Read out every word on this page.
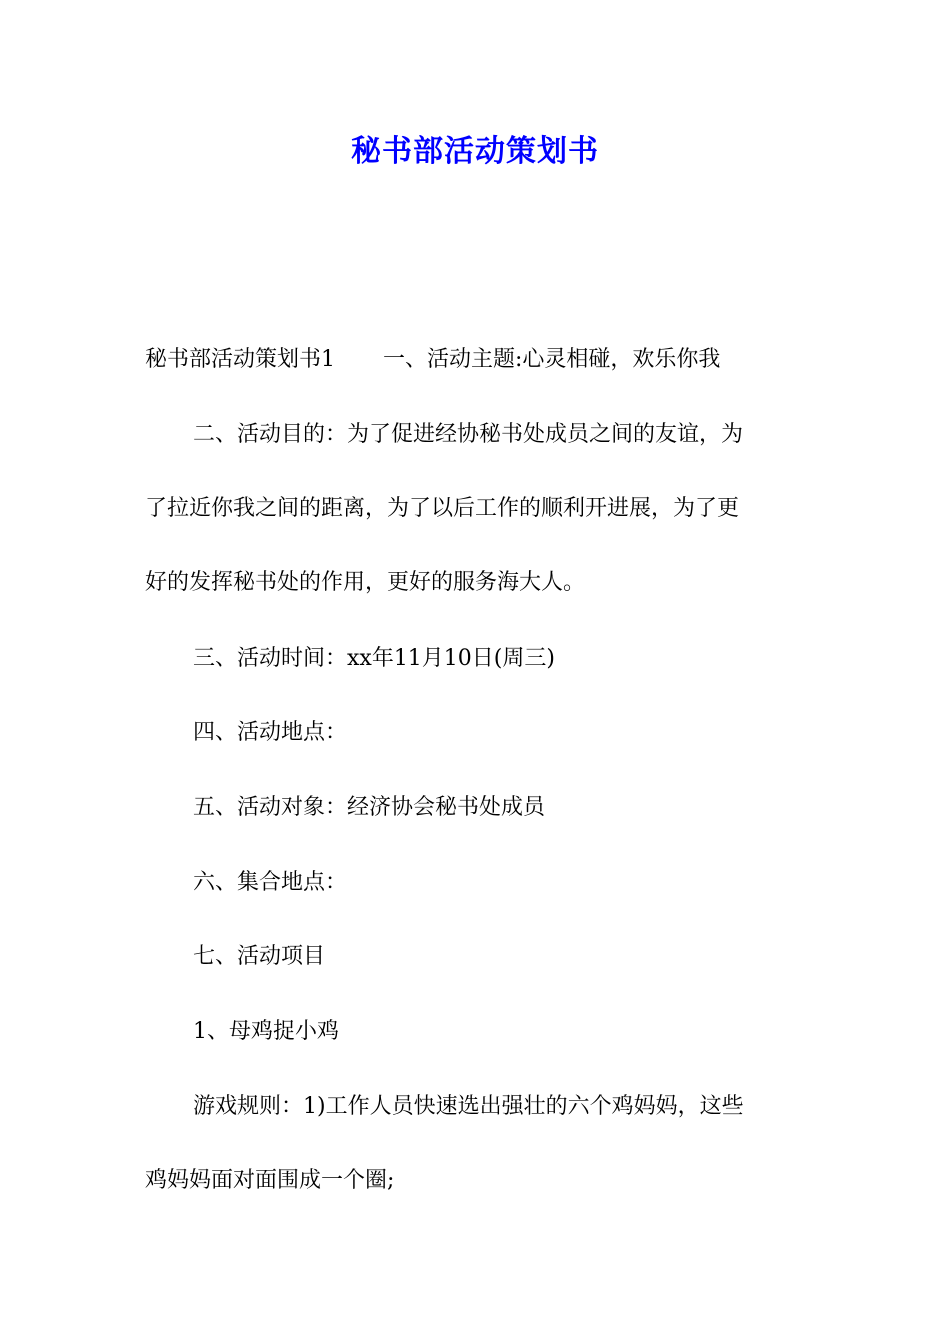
秘书部活动策划书
秘书部活动策划书1 一、活动主题:心灵相碰，欢乐你我
二、活动目的：为了促进经协秘书处成员之间的友谊，为
了拉近你我之间的距离，为了以后工作的顺利开进展，为了更
好的发挥秘书处的作用，更好的服务海大人。
三、活动时间：xx年11月10日(周三)
四、活动地点：
五、活动对象：经济协会秘书处成员
六、集合地点：
七、活动项目
1、母鸡捉小鸡
游戏规则：1)工作人员快速选出强壮的六个鸡妈妈，这些
鸡妈妈面对面围成一个圈;
